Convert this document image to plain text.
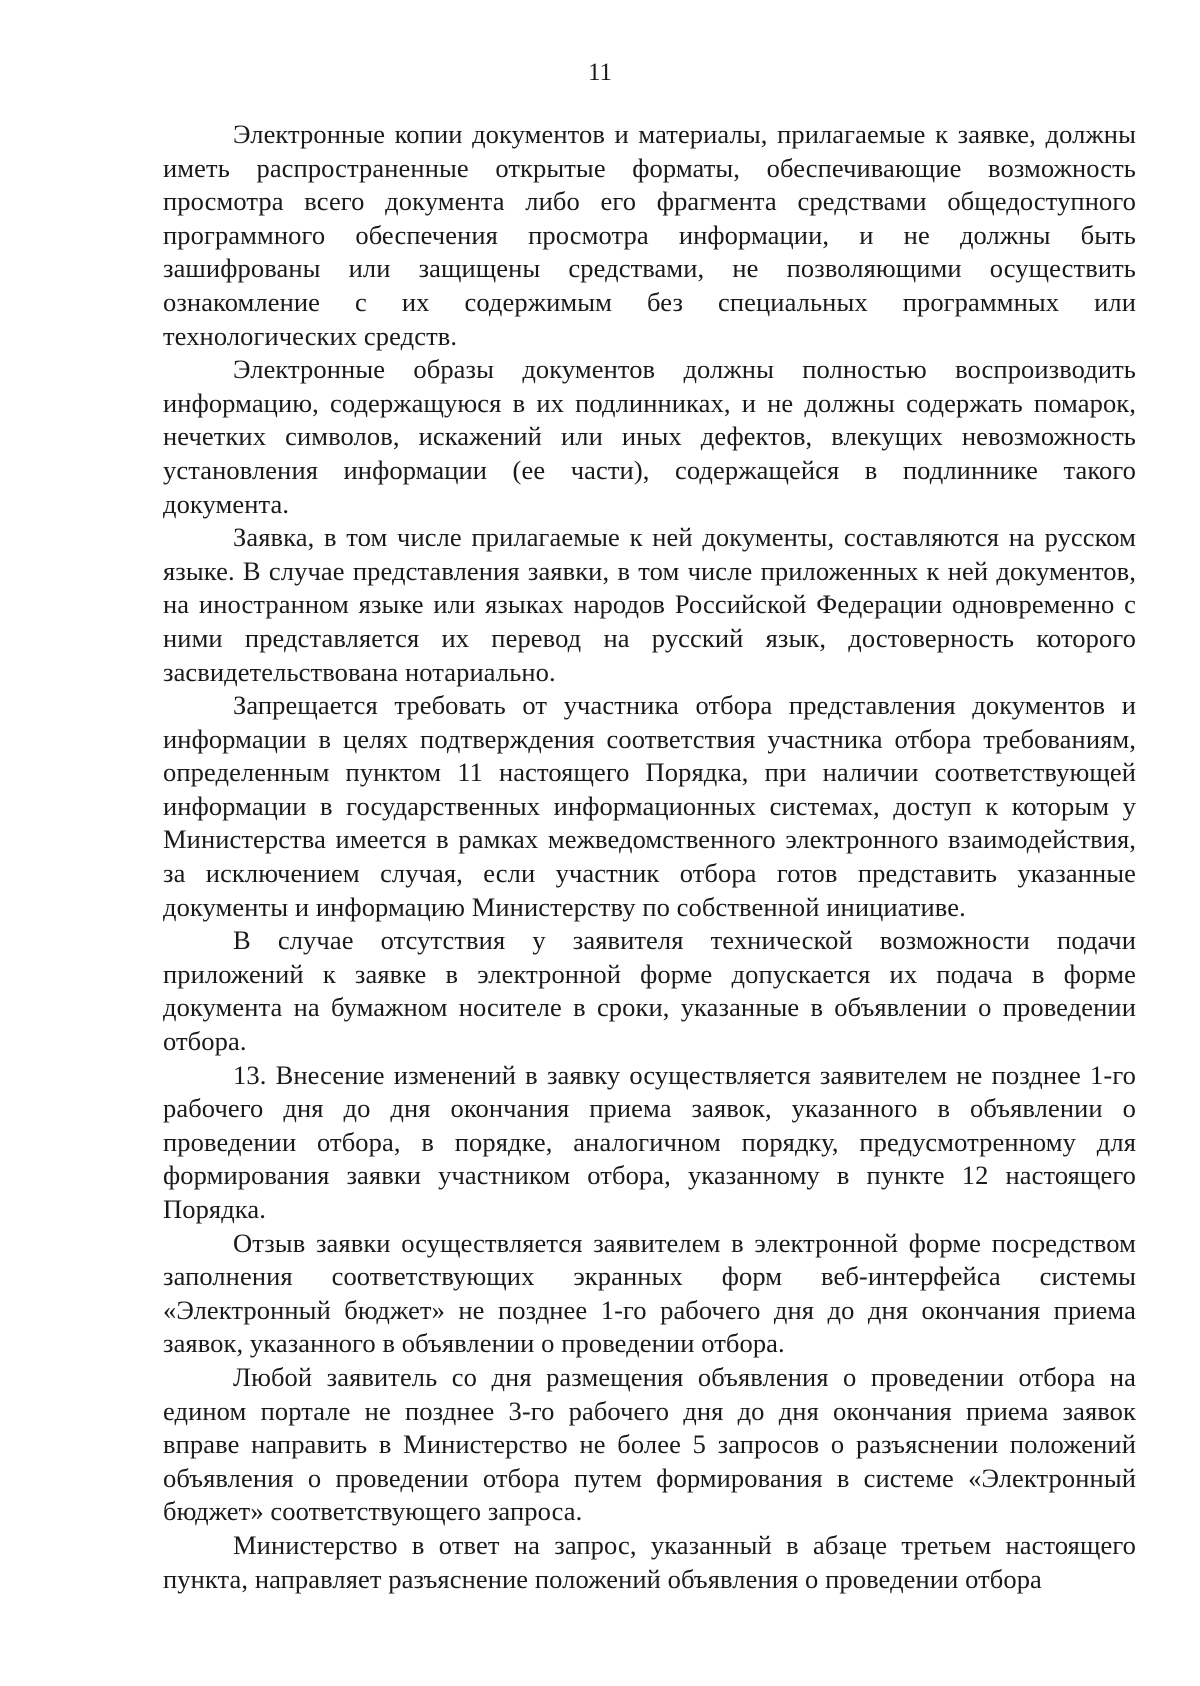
11

Электронные копии документов и материалы, прилагаемые к заявке, должны иметь распространенные открытые форматы, обеспечивающие возможность просмотра всего документа либо его фрагмента средствами общедоступного программного обеспечения просмотра информации, и не должны быть зашифрованы или защищены средствами, не позволяющими осуществить ознакомление с их содержимым без специальных программных или технологических средств.

Электронные образы документов должны полностью воспроизводить информацию, содержащуюся в их подлинниках, и не должны содержать помарок, нечетких символов, искажений или иных дефектов, влекущих невозможность установления информации (ее части), содержащейся в подлиннике такого документа.

Заявка, в том числе прилагаемые к ней документы, составляются на русском языке. В случае представления заявки, в том числе приложенных к ней документов, на иностранном языке или языках народов Российской Федерации одновременно с ними представляется их перевод на русский язык, достоверность которого засвидетельствована нотариально.

Запрещается требовать от участника отбора представления документов и информации в целях подтверждения соответствия участника отбора требованиям, определенным пунктом 11 настоящего Порядка, при наличии соответствующей информации в государственных информационных системах, доступ к которым у Министерства имеется в рамках межведомственного электронного взаимодействия, за исключением случая, если участник отбора готов представить указанные документы и информацию Министерству по собственной инициативе.

В случае отсутствия у заявителя технической возможности подачи приложений к заявке в электронной форме допускается их подача в форме документа на бумажном носителе в сроки, указанные в объявлении о проведении отбора.

13. Внесение изменений в заявку осуществляется заявителем не позднее 1-го рабочего дня до дня окончания приема заявок, указанного в объявлении о проведении отбора, в порядке, аналогичном порядку, предусмотренному для формирования заявки участником отбора, указанному в пункте 12 настоящего Порядка.

Отзыв заявки осуществляется заявителем в электронной форме посредством заполнения соответствующих экранных форм веб-интерфейса системы «Электронный бюджет» не позднее 1-го рабочего дня до дня окончания приема заявок, указанного в объявлении о проведении отбора.

Любой заявитель со дня размещения объявления о проведении отбора на едином портале не позднее 3-го рабочего дня до дня окончания приема заявок вправе направить в Министерство не более 5 запросов о разъяснении положений объявления о проведении отбора путем формирования в системе «Электронный бюджет» соответствующего запроса.

Министерство в ответ на запрос, указанный в абзаце третьем настоящего пункта, направляет разъяснение положений объявления о проведении отбора
